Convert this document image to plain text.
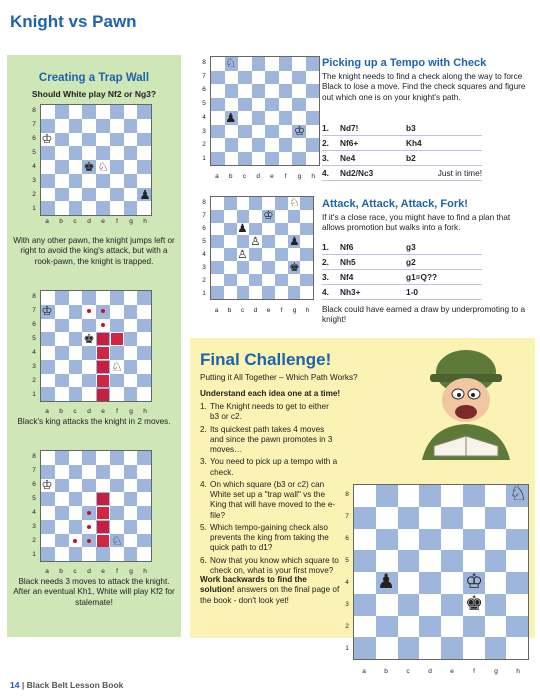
Knight vs Pawn
Creating a Trap Wall
Should White play Nf2 or Ng3?
♔
♚ ♘
♟
8
7
6
5
4
3
2
1
a	b	c	d	e	f	g	h
With any other pawn, the knight jumps left or right to avoid the king's attack, but with a rook-pawn, the knight is trapped.
♔
♚
♘
8
7
6
5
4
3
2
1
a	b	c	d	e	f	g	h
Black's king attacks the knight in 2 moves.
♔
♘
8
7
6
5
4
3
2
1
a	b	c	d	e	f	g	h
Black needs 3 moves to attack the knight. After an eventual Kh1, White will play Kf2 for stalemate!
♘
♟
♔
8
7
6
5
4
3
2
1
a	b	c	d	e	f	g	h
Picking up a Tempo with Check
The knight needs to find a check along the way to force Black to lose a move. Find the check squares and figure out which one is on your knight's path.
1.	Nd7!	b3
2.	Nf6+	Kh4
3.	Ne4	b2
4.	Nd2/Nc3	Just in time!
♘
♔
♟
♙ ♟
♙
♚
8
7
6
5
4
3
2
1
a	b	c	d	e	f	g	h
Attack, Attack, Attack, Fork!
If it's a close race, you might have to find a plan that allows promotion but walks into a fork.
1.	Nf6	g3
2.	Nh5	g2
3.	Nf4	g1=Q??
4.	Nh3+	1-0
Black could have earned a draw by underpromoting to a knight!
Final Challenge!
Putting it All Together – Which Path Works?
Understand each idea one at a time!
1. The Knight needs to get to either b3 or c2.
2. Its quickest path takes 4 moves and since the pawn promotes in 3 moves…
3. You need to pick up a tempo with a check.
4. On which square (b3 or c2) can White set up a "trap wall" vs the King that will have moved to the e-file?
5. Which tempo-gaining check also prevents the king from taking the quick path to d1?
6. Now that you know which square to check on, what is your first move?
Work backwards to find the solution! answers on the final page of the book - don't look yet!
♘
♔
♟
♚
8
7
6
5
4
3
2
1
a	b	c	d	e	f	g	h
14 | Black Belt Lesson Book
